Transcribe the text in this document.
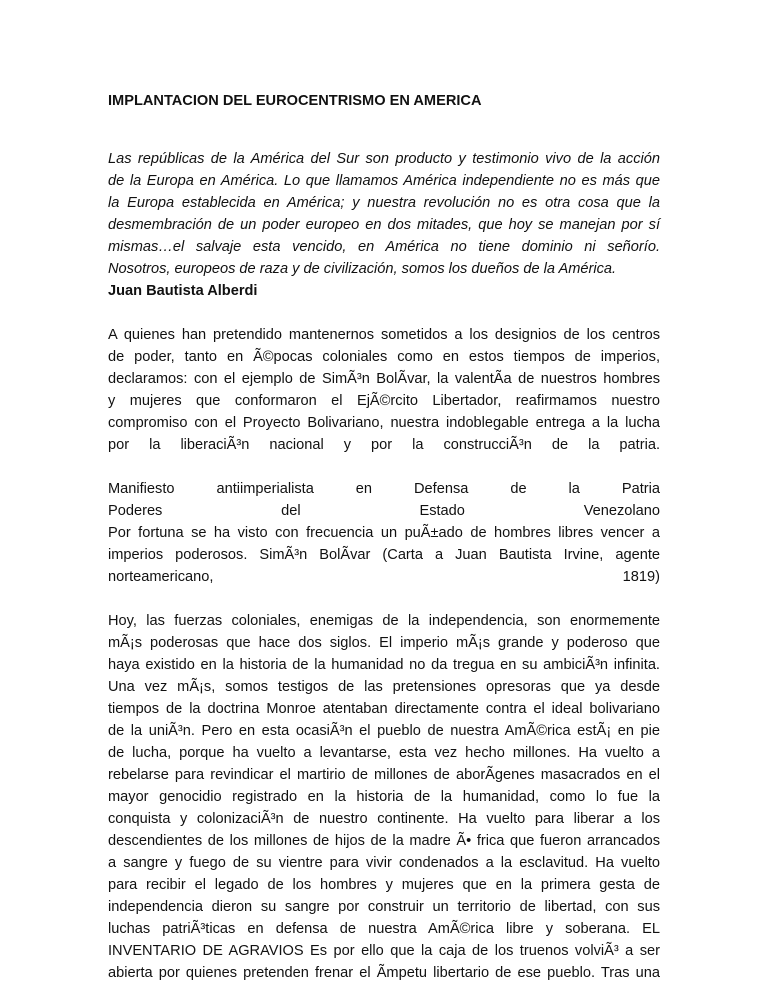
IMPLANTACION DEL EUROCENTRISMO EN AMERICA
Las repúblicas de la América del Sur son producto y testimonio vivo de la acción
de la Europa en América. Lo que llamamos América independiente no es más que
la Europa establecida en América; y nuestra revolución no es otra cosa que la
desmembración de un poder europeo en dos mitades, que hoy se manejan por sí
mismas…el salvaje esta vencido, en América no tiene dominio ni señorío.
Nosotros, europeos de raza y de civilización, somos los dueños de la América.
Juan Bautista Alberdi
A quienes han pretendido mantenernos sometidos a los designios de los centros
de poder, tanto en Ã©pocas coloniales como en estos tiempos de imperios,
declaramos: con el ejemplo de SimÃ³n BolÃvar, la valentÃa de nuestros hombres
y mujeres que conformaron el EjÃ©rcito Libertador, reafirmamos nuestro
compromiso con el Proyecto Bolivariano, nuestra indoblegable entrega a la lucha
por la liberaciÃ³n nacional y por la construcciÃ³n de la patria.
Manifiesto antiimperialista en Defensa de la Patria
Poderes del Estado Venezolano
Por fortuna se ha visto con frecuencia un puÃ±ado de hombres libres vencer a
imperios poderosos. SimÃ³n BolÃvar (Carta a Juan Bautista Irvine, agente
norteamericano, 1819)
Hoy, las fuerzas coloniales, enemigas de la independencia, son enormemente
mÃ¡s poderosas que hace dos siglos. El imperio mÃ¡s grande y poderoso que
haya existido en la historia de la humanidad no da tregua en su ambiciÃ³n infinita.
Una vez mÃ¡s, somos testigos de las pretensiones opresoras que ya desde
tiempos de la doctrina Monroe atentaban directamente contra el ideal bolivariano
de la uniÃ³n. Pero en esta ocasiÃ³n el pueblo de nuestra AmÃ©rica estÃ¡ en pie
de lucha, porque ha vuelto a levantarse, esta vez hecho millones. Ha vuelto a
rebelarse para revindicar el martirio de millones de aborÃgenes masacrados en el
mayor genocidio registrado en la historia de la humanidad, como lo fue la
conquista y colonizaciÃ³n de nuestro continente. Ha vuelto para liberar a los
descendientes de los millones de hijos de la madre Ã• frica que fueron arrancados
a sangre y fuego de su vientre para vivir condenados a la esclavitud. Ha vuelto
para recibir el legado de los hombres y mujeres que en la primera gesta de
independencia dieron su sangre por construir un territorio de libertad, con sus
luchas patriÃ³ticas en defensa de nuestra AmÃ©rica libre y soberana. EL
INVENTARIO DE AGRAVIOS Es por ello que la caja de los truenos volviÃ³ a ser
abierta por quienes pretenden frenar el Ãmpetu libertario de ese pueblo. Tras una
